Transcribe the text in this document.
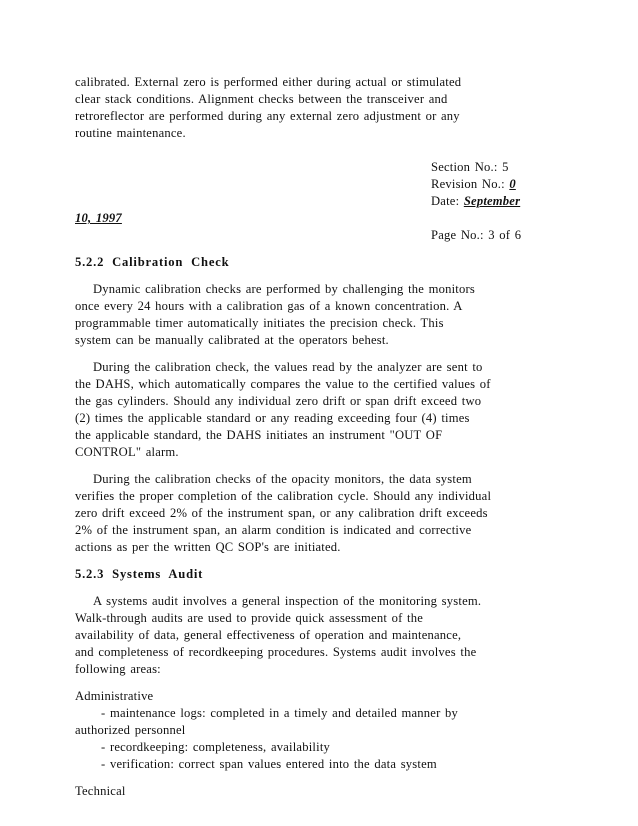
calibrated. External zero is performed either during actual or stimulated
clear stack conditions. Alignment checks between the transceiver and
retroreflector are performed during any external zero adjustment or any
routine maintenance.
Section No.: 5
Revision No.: 0
Date: September
10, 1997
Page No.: 3 of 6
5.2.2 Calibration Check
Dynamic calibration checks are performed by challenging the monitors
once every 24 hours with a calibration gas of a known concentration. A
programmable timer automatically initiates the precision check. This
system can be manually calibrated at the operators behest.
During the calibration check, the values read by the analyzer are sent to
the DAHS, which automatically compares the value to the certified values of
the gas cylinders. Should any individual zero drift or span drift exceed two
(2) times the applicable standard or any reading exceeding four (4) times
the applicable standard, the DAHS initiates an instrument "OUT OF
CONTROL" alarm.
During the calibration checks of the opacity monitors, the data system
verifies the proper completion of the calibration cycle. Should any individual
zero drift exceed 2% of the instrument span, or any calibration drift exceeds
2% of the instrument span, an alarm condition is indicated and corrective
actions as per the written QC SOP's are initiated.
5.2.3 Systems Audit
A systems audit involves a general inspection of the monitoring system.
Walk-through audits are used to provide quick assessment of the
availability of data, general effectiveness of operation and maintenance,
and completeness of recordkeeping procedures. Systems audit involves the
following areas:
Administrative
- maintenance logs: completed in a timely and detailed manner by
authorized personnel
- recordkeeping: completeness, availability
- verification: correct span values entered into the data system
Technical
